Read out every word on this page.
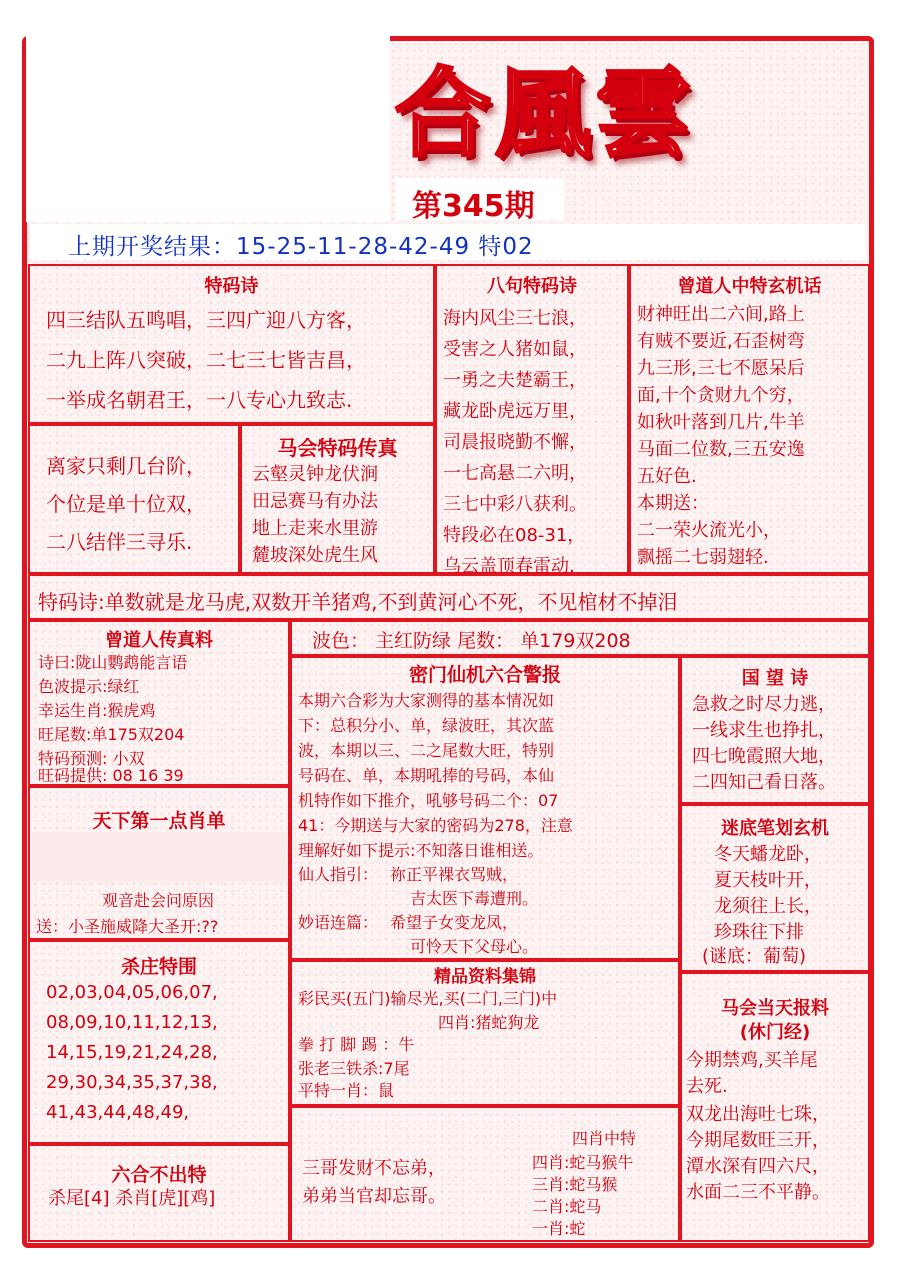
合風雲
第345期
上期开奖结果：15-25-11-28-42-49 特02
特码诗
四三结队五鸣唱，三四广迎八方客，
二九上阵八突破，二七三七皆吉昌，
一举成名朝君王，一八专心九致志.
离家只剩几台阶，
个位是单十位双，
二八结伴三寻乐.
马会特码传真
云壑灵钟龙伏涧
田忌赛马有办法
地上走来水里游
麓坡深处虎生风
八句特码诗
海内风尘三七浪，
受害之人猪如鼠，
一勇之夫楚霸王，
藏龙卧虎远万里，
司晨报晓勤不懈，
一七高悬二六明，
三七中彩八获利。
特段必在08-31，
乌云盖顶春雷动.
曾道人中特玄机话
财神旺出二六间,路上
有贼不要近,石歪树弯
九三形,三七不愿呆后
面,十个贪财九个穷，
如秋叶落到几片,牛羊
马面二位数,三五安逸
五好色.
本期送：
二一荣火流光小，
飘摇二七弱翅轻.
特码诗:单数就是龙马虎,双数开羊猪鸡,不到黄河心不死，不见棺材不掉泪
曾道人传真料
诗曰:陇山鹦鹉能言语
色波提示:绿红
幸运生肖:猴虎鸡
旺尾数:单175双204
特码预测: 小双
旺码提供: 08 16 39
波色： 主红防绿 尾数： 单179双208
密门仙机六合警报
本期六合彩为大家测得的基本情况如
下：总积分小、单，绿波旺，其次蓝
波，本期以三、二之尾数大旺，特别
号码在、单，本期吼捧的号码，本仙
机特作如下推介，吼够号码二个：07
41：今期送与大家的密码为278，注意
理解好如下提示:不知落日谁相送。
仙人指引： 祢正平裸衣骂贼，
吉太医下毒遭刑。
妙语连篇： 希望子女变龙凤，
可怜天下父母心。
国 望 诗
急救之时尽力逃，
一线求生也挣扎，
四七晚霞照大地，
二四知己看日落。
天下第一点肖单
观音赴会问原因
送：小圣施威降大圣开:??
迷底笔划玄机
冬天蟠龙卧，
夏天枝叶开，
龙须往上长，
珍珠往下排
(谜底：葡萄)
杀庄特围
02,03,04,05,06,07,
08,09,10,11,12,13,
14,15,19,21,24,28,
29,30,34,35,37,38,
41,43,44,48,49,
精品资料集锦
彩民买(五门)输尽光,买(二门,三门)中
四肖:猪蛇狗龙
拳 打 脚 踢 ：牛
张老三铁杀:7尾
平特一肖：鼠
马会当天报料
(休门经)
今期禁鸡,买羊尾
去死.
双龙出海吐七珠，
今期尾数旺三开，
潭水深有四六尺，
水面二三不平静。
六合不出特
杀尾[4] 杀肖[虎][鸡]
三哥发财不忘弟，
弟弟当官却忘哥。
四肖中特
四肖:蛇马猴牛
三肖:蛇马猴
二肖:蛇马
一肖:蛇
